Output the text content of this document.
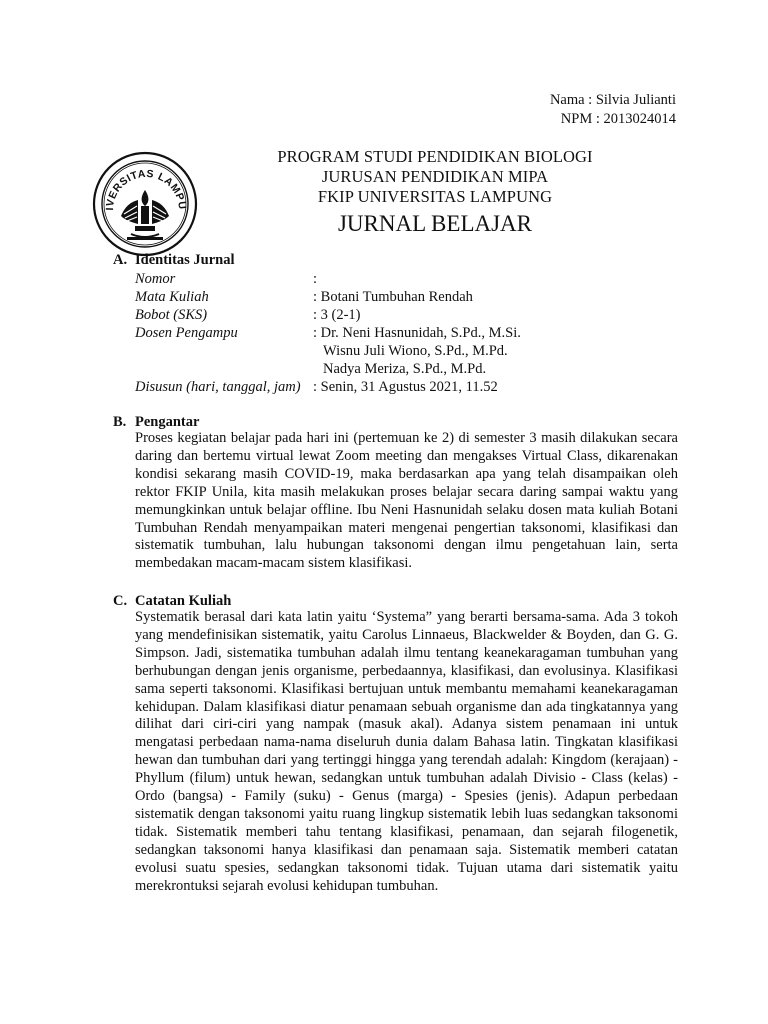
Nama : Silvia Julianti
NPM : 2013024014
IVERSITAS LAMPU
PROGRAM STUDI PENDIDIKAN BIOLOGI
JURUSAN PENDIDIKAN MIPA
FKIP UNIVERSITAS LAMPUNG
JURNAL BELAJAR
A. Identitas Jurnal
Nomor	:
Mata Kuliah	: Botani Tumbuhan Rendah
Bobot (SKS)	: 3 (2-1)
Dosen Pengampu	: Dr. Neni Hasnunidah, S.Pd., M.Si.
Wisnu Juli Wiono, S.Pd., M.Pd.
Nadya Meriza, S.Pd., M.Pd.
Disusun (hari, tanggal, jam) : Senin, 31 Agustus 2021, 11.52
B. Pengantar

Proses kegiatan belajar pada hari ini (pertemuan ke 2) di semester 3 masih dilakukan secara daring dan bertemu virtual lewat Zoom meeting dan mengakses Virtual Class, dikarenakan kondisi sekarang masih COVID-19, maka berdasarkan apa yang telah disampaikan oleh rektor FKIP Unila, kita masih melakukan proses belajar secara daring sampai waktu yang memungkinkan untuk belajar offline. Ibu Neni Hasnunidah selaku dosen mata kuliah Botani Tumbuhan Rendah menyampaikan materi mengenai pengertian taksonomi, klasifikasi dan sistematik tumbuhan, lalu hubungan taksonomi dengan ilmu pengetahuan lain, serta membedakan macam-macam sistem klasifikasi.

C. Catatan Kuliah

Systematik berasal dari kata latin yaitu ‘Systema” yang berarti bersama-sama. Ada 3 tokoh yang mendefinisikan sistematik, yaitu Carolus Linnaeus, Blackwelder & Boyden, dan G. G. Simpson. Jadi, sistematika tumbuhan adalah ilmu tentang keanekaragaman tumbuhan yang berhubungan dengan jenis organisme, perbedaannya, klasifikasi, dan evolusinya. Klasifikasi sama seperti taksonomi. Klasifikasi bertujuan untuk membantu memahami keanekaragaman kehidupan. Dalam klasifikasi diatur penamaan sebuah organisme dan ada tingkatannya yang dilihat dari ciri-ciri yang nampak (masuk akal). Adanya sistem penamaan ini untuk mengatasi perbedaan nama-nama diseluruh dunia dalam Bahasa latin. Tingkatan klasifikasi hewan dan tumbuhan dari yang tertinggi hingga yang terendah adalah: Kingdom (kerajaan) - Phyllum (filum) untuk hewan, sedangkan untuk tumbuhan adalah Divisio - Class (kelas) - Ordo (bangsa) - Family (suku) - Genus (marga) - Spesies (jenis). Adapun perbedaan sistematik dengan taksonomi yaitu ruang lingkup sistematik lebih luas sedangkan taksonomi tidak. Sistematik memberi tahu tentang klasifikasi, penamaan, dan sejarah filogenetik, sedangkan taksonomi hanya klasifikasi dan penamaan saja. Sistematik memberi catatan evolusi suatu spesies, sedangkan taksonomi tidak. Tujuan utama dari sistematik yaitu merekrontuksi sejarah evolusi kehidupan tumbuhan.
